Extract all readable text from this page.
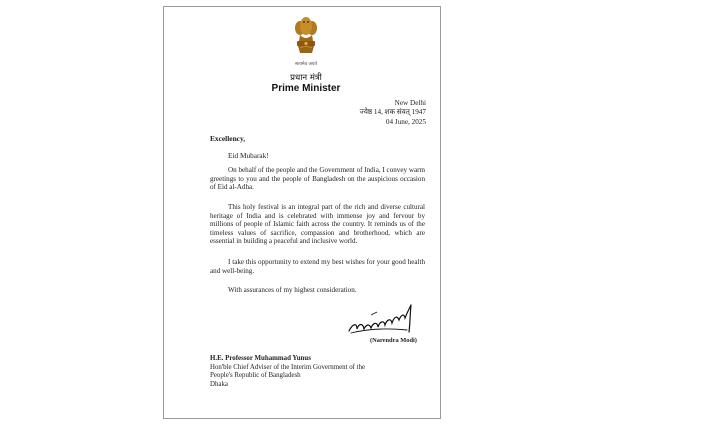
सत्यमेव जयते
प्रधान मंत्री
Prime Minister
New Delhi
ज्येष्ठ 14, शक संवत् 1947
04 June, 2025
Excellency,
Eid Mubarak!
On behalf of the people and the Government of India, I convey warm greetings to you and the people of Bangladesh on the auspicious occasion of Eid al-Adha.
This holy festival is an integral part of the rich and diverse cultural heritage of India and is celebrated with immense joy and fervour by millions of people of Islamic faith across the country. It reminds us of the timeless values of sacrifice, compassion and brotherhood, which are essential in building a peaceful and inclusive world.
I take this opportunity to extend my best wishes for your good health and well-being.
With assurances of my highest consideration.
(Narendra Modi)
H.E. Professor Muhammad Yunus
Hon'ble Chief Adviser of the Interim Government of the
People's Republic of Bangladesh
Dhaka
